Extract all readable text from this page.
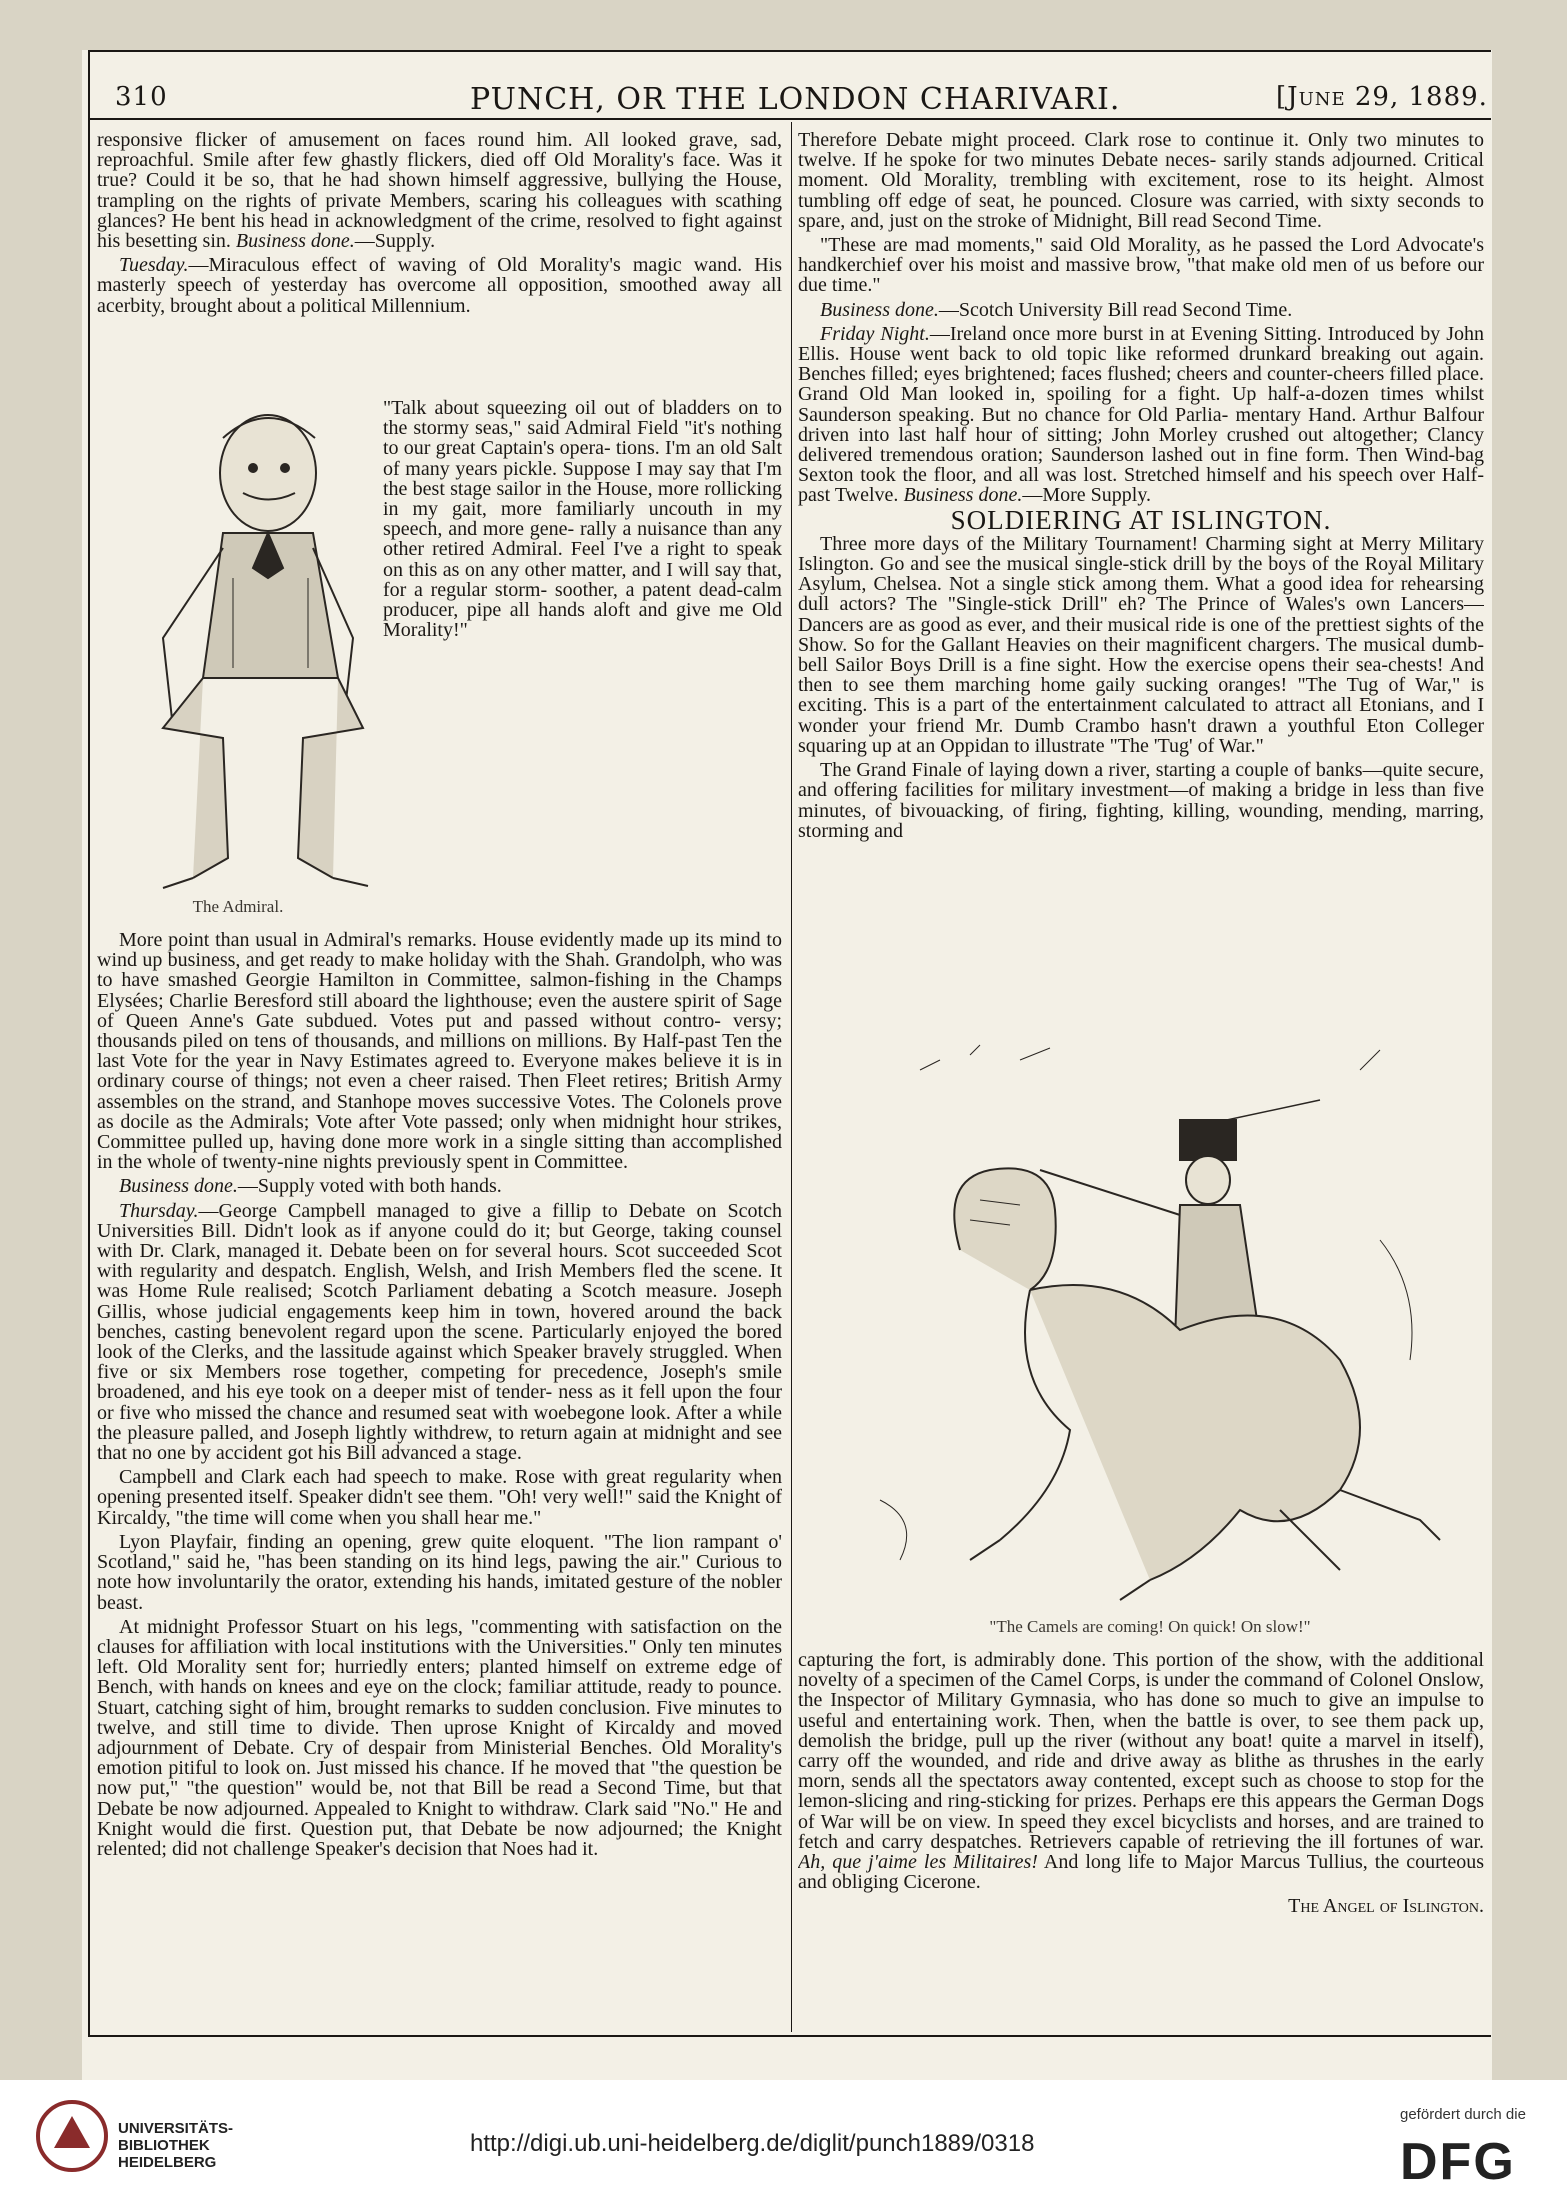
310	PUNCH, OR THE LONDON CHARIVARI.	[June 29, 1889.

responsive flicker of amusement on faces round him. All looked grave, sad, reproachful. Smile after few ghastly flickers, died off Old Morality's face. Was it true? Could it be so, that he had shown himself aggressive, bullying the House, trampling on the rights of private Members, scaring his colleagues with scathing glances? He bent his head in acknowledgment of the crime, resolved to fight against his besetting sin. Business done.—Supply.

Tuesday.—Miraculous effect of waving of Old Morality's magic wand. His masterly speech of yesterday has overcome all opposition, smoothed away all acerbity, brought about a political Millennium.

The Admiral.

"Talk about squeezing oil out of bladders on to the stormy seas," said Admiral Field "it's nothing to our great Captain's opera- tions. I'm an old Salt of many years pickle. Suppose I may say that I'm the best stage sailor in the House, more rollicking in my gait, more familiarly uncouth in my speech, and more gene- rally a nuisance than any other retired Admiral. Feel I've a right to speak on this as on any other matter, and I will say that, for a regular storm- soother, a patent dead-calm producer, pipe all hands aloft and give me Old Morality!"

More point than usual in Admiral's remarks. House evidently made up its mind to wind up business, and get ready to make holiday with the Shah. Grandolph, who was to have smashed Georgie Hamilton in Committee, salmon-fishing in the Champs Elysées; Charlie Beresford still aboard the lighthouse; even the austere spirit of Sage of Queen Anne's Gate subdued. Votes put and passed without contro- versy; thousands piled on tens of thousands, and millions on millions. By Half-past Ten the last Vote for the year in Navy Estimates agreed to. Everyone makes believe it is in ordinary course of things; not even a cheer raised. Then Fleet retires; British Army assembles on the strand, and Stanhope moves successive Votes. The Colonels prove as docile as the Admirals; Vote after Vote passed; only when midnight hour strikes, Committee pulled up, having done more work in a single sitting than accomplished in the whole of twenty-nine nights previously spent in Committee.

Business done.—Supply voted with both hands.

Thursday.—George Campbell managed to give a fillip to Debate on Scotch Universities Bill. Didn't look as if anyone could do it; but George, taking counsel with Dr. Clark, managed it. Debate been on for several hours. Scot succeeded Scot with regularity and despatch. English, Welsh, and Irish Members fled the scene. It was Home Rule realised; Scotch Parliament debating a Scotch measure. Joseph Gillis, whose judicial engagements keep him in town, hovered around the back benches, casting benevolent regard upon the scene. Particularly enjoyed the bored look of the Clerks, and the lassitude against which Speaker bravely struggled. When five or six Members rose together, competing for precedence, Joseph's smile broadened, and his eye took on a deeper mist of tender- ness as it fell upon the four or five who missed the chance and resumed seat with woebegone look. After a while the pleasure palled, and Joseph lightly withdrew, to return again at midnight and see that no one by accident got his Bill advanced a stage.

Campbell and Clark each had speech to make. Rose with great regularity when opening presented itself. Speaker didn't see them. "Oh! very well!" said the Knight of Kircaldy, "the time will come when you shall hear me."

Lyon Playfair, finding an opening, grew quite eloquent. "The lion rampant o' Scotland," said he, "has been standing on its hind legs, pawing the air." Curious to note how involuntarily the orator, extending his hands, imitated gesture of the nobler beast.

At midnight Professor Stuart on his legs, "commenting with satisfaction on the clauses for affiliation with local institutions with the Universities." Only ten minutes left. Old Morality sent for; hurriedly enters; planted himself on extreme edge of Bench, with hands on knees and eye on the clock; familiar attitude, ready to pounce. Stuart, catching sight of him, brought remarks to sudden conclusion. Five minutes to twelve, and still time to divide. Then uprose Knight of Kircaldy and moved adjournment of Debate. Cry of despair from Ministerial Benches. Old Morality's emotion pitiful to look on. Just missed his chance. If he moved that "the question be now put," "the question" would be, not that Bill be read a Second Time, but that Debate be now adjourned. Appealed to Knight to withdraw. Clark said "No." He and Knight would die first. Question put, that Debate be now adjourned; the Knight relented; did not challenge Speaker's decision that Noes had it.

Therefore Debate might proceed. Clark rose to continue it. Only two minutes to twelve. If he spoke for two minutes Debate neces- sarily stands adjourned. Critical moment. Old Morality, trembling with excitement, rose to its height. Almost tumbling off edge of seat, he pounced. Closure was carried, with sixty seconds to spare, and, just on the stroke of Midnight, Bill read Second Time.

"These are mad moments," said Old Morality, as he passed the Lord Advocate's handkerchief over his moist and massive brow, "that make old men of us before our due time."

Business done.—Scotch University Bill read Second Time.

Friday Night.—Ireland once more burst in at Evening Sitting. Introduced by John Ellis. House went back to old topic like reformed drunkard breaking out again. Benches filled; eyes brightened; faces flushed; cheers and counter-cheers filled place. Grand Old Man looked in, spoiling for a fight. Up half-a-dozen times whilst Saunderson speaking. But no chance for Old Parlia- mentary Hand. Arthur Balfour driven into last half hour of sitting; John Morley crushed out altogether; Clancy delivered tremendous oration; Saunderson lashed out in fine form. Then Wind-bag Sexton took the floor, and all was lost. Stretched himself and his speech over Half-past Twelve. Business done.—More Supply.

SOLDIERING AT ISLINGTON.

Three more days of the Military Tournament! Charming sight at Merry Military Islington. Go and see the musical single-stick drill by the boys of the Royal Military Asylum, Chelsea. Not a single stick among them. What a good idea for rehearsing dull actors? The "Single-stick Drill" eh? The Prince of Wales's own Lancers—Dancers are as good as ever, and their musical ride is one of the prettiest sights of the Show. So for the Gallant Heavies on their magnificent chargers. The musical dumb-bell Sailor Boys Drill is a fine sight. How the exercise opens their sea-chests! And then to see them marching home gaily sucking oranges! "The Tug of War," is exciting. This is a part of the entertainment calculated to attract all Etonians, and I wonder your friend Mr. Dumb Crambo hasn't drawn a youthful Eton Colleger squaring up at an Oppidan to illustrate "The 'Tug' of War."

The Grand Finale of laying down a river, starting a couple of banks—quite secure, and offering facilities for military investment—of making a bridge in less than five minutes, of bivouacking, of firing, fighting, killing, wounding, mending, marring, storming and

"The Camels are coming! On quick! On slow!"

capturing the fort, is admirably done. This portion of the show, with the additional novelty of a specimen of the Camel Corps, is under the command of Colonel Onslow, the Inspector of Military Gymnasia, who has done so much to give an impulse to useful and entertaining work. Then, when the battle is over, to see them pack up, demolish the bridge, pull up the river (without any boat! quite a marvel in itself), carry off the wounded, and ride and drive away as blithe as thrushes in the early morn, sends all the spectators away contented, except such as choose to stop for the lemon-slicing and ring-sticking for prizes. Perhaps ere this appears the German Dogs of War will be on view. In speed they excel bicyclists and horses, and are trained to fetch and carry despatches. Retrievers capable of retrieving the ill fortunes of war. Ah, que j'aime les Militaires! And long life to Major Marcus Tullius, the courteous and obliging Cicerone.

The Angel of Islington.

UNIVERSITÄTS-
BIBLIOTHEK
HEIDELBERG
http://digi.ub.uni-heidelberg.de/diglit/punch1889/0318
gefördert durch die
DFG
